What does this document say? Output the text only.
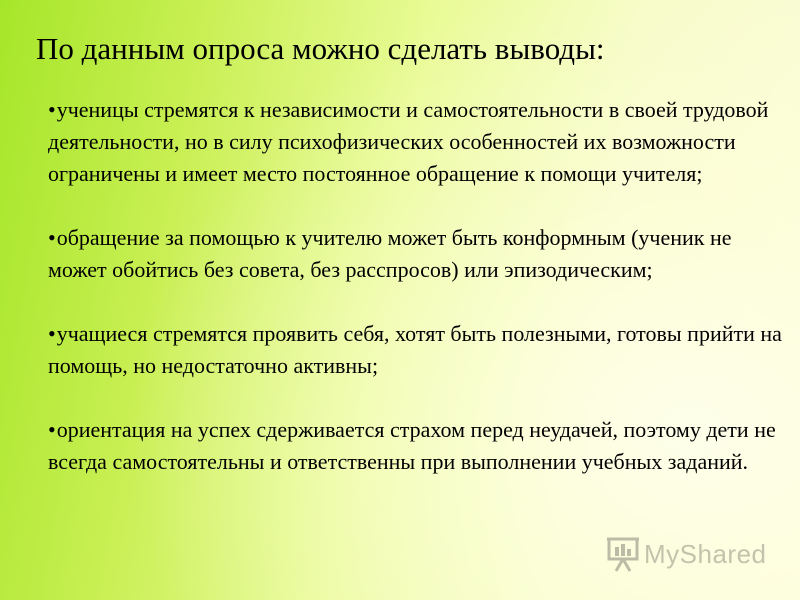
По данным опроса можно сделать выводы:
•ученицы стремятся к независимости и самостоятельности в своей трудовой деятельности, но в силу психофизических особенностей их возможности ограничены и имеет место постоянное обращение к помощи учителя;
•обращение за помощью к учителю может быть конформным (ученик не может обойтись без совета, без расспросов) или эпизодическим;
•учащиеся стремятся проявить себя, хотят быть полезными, готовы прийти на помощь, но недостаточно активны;
•ориентация на успех сдерживается страхом перед неудачей, поэтому дети не всегда самостоятельны и ответственны при выполнении учебных заданий.
MyShared
